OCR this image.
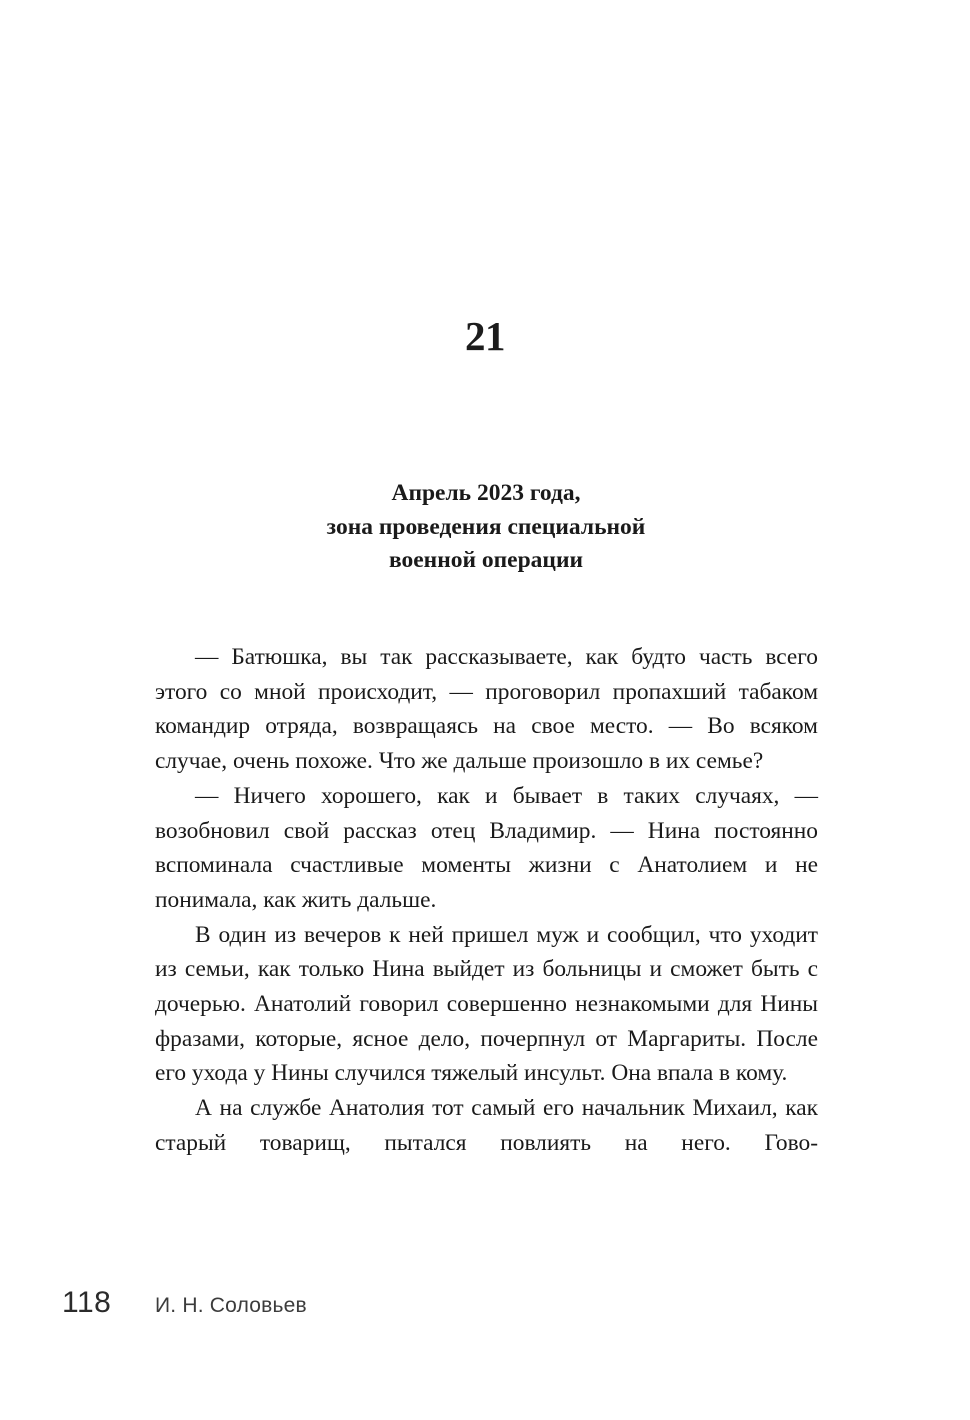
21
Апрель 2023 года,
зона проведения специальной
военной операции

— Батюшка, вы так рассказываете, как будто часть всего этого со мной происходит, — проговорил пропахший табаком командир отряда, возвращаясь на свое место. — Во всяком случае, очень похоже. Что же дальше произошло в их семье?

— Ничего хорошего, как и бывает в таких случаях, — возобновил свой рассказ отец Владимир. — Нина постоянно вспоминала счастливые моменты жизни с Анатолием и не понимала, как жить дальше.

В один из вечеров к ней пришел муж и сообщил, что уходит из семьи, как только Нина выйдет из больницы и сможет быть с дочерью. Анатолий говорил совершенно незнакомыми для Нины фразами, которые, ясное дело, почерпнул от Маргариты. После его ухода у Нины случился тяжелый инсульт. Она впала в кому.

А на службе Анатолия тот самый его начальник Михаил, как старый товарищ, пытался повлиять на него. Гово-

118 И. Н. Соловьев
